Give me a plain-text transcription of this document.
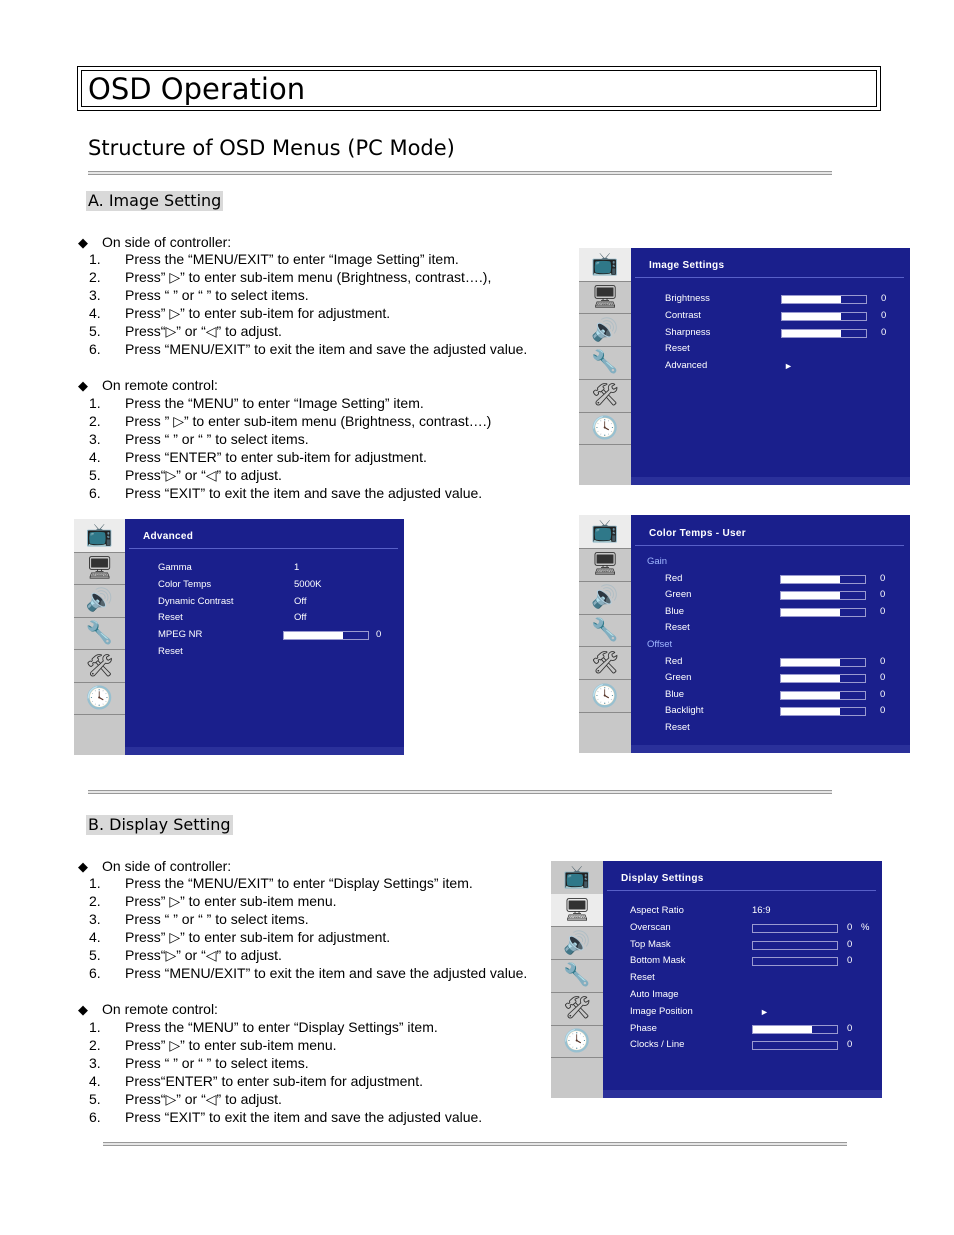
OSD Operation
Structure of OSD Menus (PC Mode)
A. Image Setting
◆ On side of controller:
1. Press the “MENU/EXIT” to enter “Image Setting” item.
2. Press” ▷” to enter sub-item menu (Brightness, contrast….),
3. Press “ ” or “ ” to select items.
4. Press” ▷” to enter sub-item for adjustment.
5. Press“▷” or “◁” to adjust.
6. Press “MENU/EXIT” to exit the item and save the adjusted value.
◆ On remote control:
1. Press the “MENU” to enter “Image Setting” item.
2. Press ” ▷” to enter sub-item menu (Brightness, contrast….)
3. Press “ ” or “ ” to select items.
4. Press “ENTER” to enter sub-item for adjustment.
5. Press“▷” or “◁” to adjust.
6. Press “EXIT” to exit the item and save the adjusted value.
📺
🖥
🔊
🔧
🛠
🕓
Image Settings
Brightness	0
Contrast	0
Sharpness	0
Reset
Advanced	►
📺
🖥
🔊
🔧
🛠
🕓
Advanced
Gamma	1
Color Temps	5000K
Dynamic Contrast	Off
Reset	Off
MPEG NR	0
Reset
📺
🖥
🔊
🔧
🛠
🕓
Color Temps - User
Gain
Red	0
Green	0
Blue	0
Reset
Offset
Red	0
Green	0
Blue	0
Backlight	0
Reset
B. Display Setting
◆ On side of controller:
1. Press the “MENU/EXIT” to enter “Display Settings” item.
2. Press” ▷” to enter sub-item menu.
3. Press “ ” or “ ” to select items.
4. Press” ▷” to enter sub-item for adjustment.
5. Press“▷” or “◁” to adjust.
6. Press “MENU/EXIT” to exit the item and save the adjusted value.
◆ On remote control:
1. Press the “MENU” to enter “Display Settings” item.
2. Press” ▷” to enter sub-item menu.
3. Press “ ” or “ ” to select items.
4. Press“ENTER” to enter sub-item for adjustment.
5. Press“▷” or “◁” to adjust.
6. Press “EXIT” to exit the item and save the adjusted value.
📺
🖥
🔊
🔧
🛠
🕓
Display Settings
Aspect Ratio	16:9
Overscan	0 %
Top Mask	0
Bottom Mask	0
Reset
Auto Image
Image Position	►
Phase	0
Clocks / Line	0
